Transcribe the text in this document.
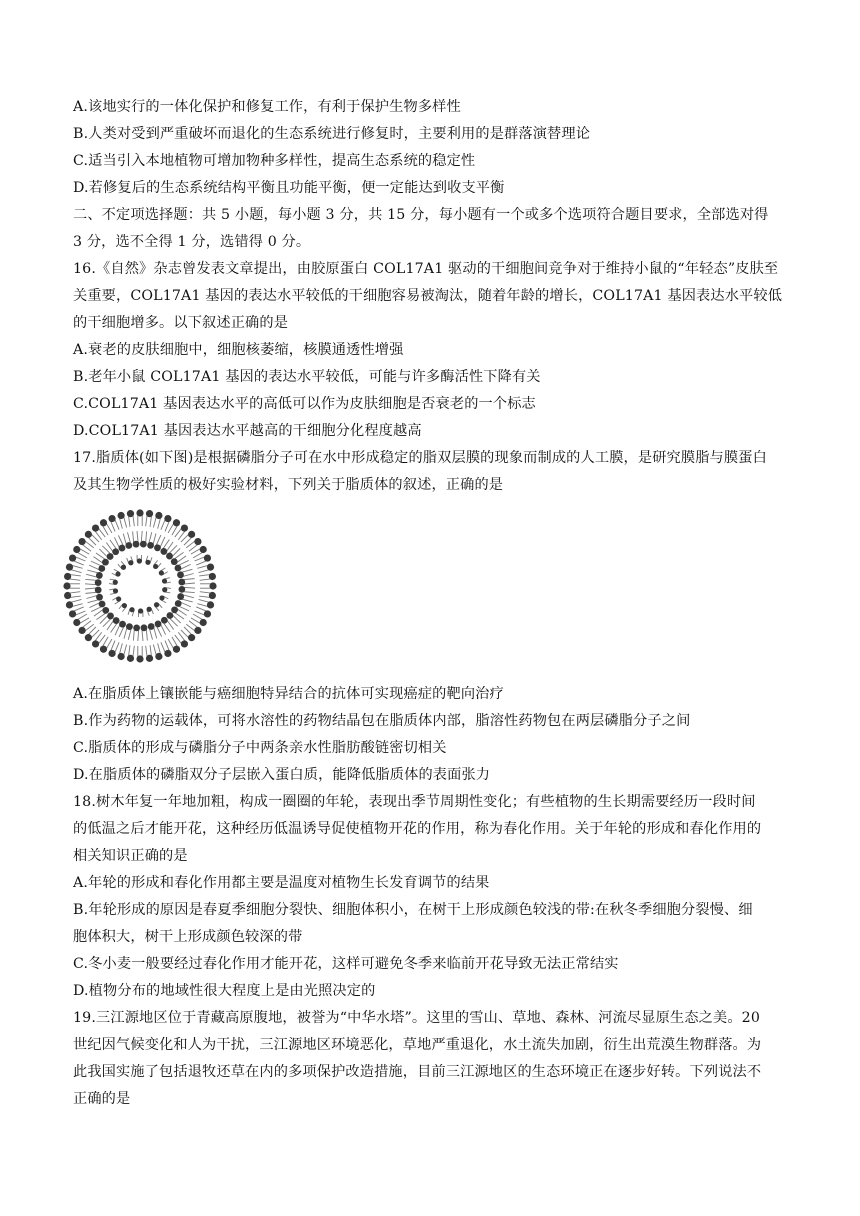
A.该地实行的一体化保护和修复工作，有利于保护生物多样性
B.人类对受到严重破坏而退化的生态系统进行修复时，主要利用的是群落演替理论
C.适当引入本地植物可增加物种多样性，提高生态系统的稳定性
D.若修复后的生态系统结构平衡且功能平衡，便一定能达到收支平衡
二、不定项选择题：共 5 小题，每小题 3 分，共 15 分，每小题有一个或多个选项符合题目要求，全部选对得
3 分，选不全得 1 分，选错得 0 分。
16.《自然》杂志曾发表文章提出，由胶原蛋白 COL17A1 驱动的干细胞间竞争对于维持小鼠的“年轻态”皮肤至
关重要，COL17A1 基因的表达水平较低的干细胞容易被淘汰，随着年龄的增长，COL17A1 基因表达水平较低
的干细胞增多。以下叙述正确的是
A.衰老的皮肤细胞中，细胞核萎缩，核膜通透性增强
B.老年小鼠 COL17A1 基因的表达水平较低，可能与许多酶活性下降有关
C.COL17A1 基因表达水平的高低可以作为皮肤细胞是否衰老的一个标志
D.COL17A1 基因表达水平越高的干细胞分化程度越高
17.脂质体(如下图)是根据磷脂分子可在水中形成稳定的脂双层膜的现象而制成的人工膜，是研究膜脂与膜蛋白
及其生物学性质的极好实验材料，下列关于脂质体的叙述，正确的是
A.在脂质体上镶嵌能与癌细胞特异结合的抗体可实现癌症的靶向治疗
B.作为药物的运载体，可将水溶性的药物结晶包在脂质体内部，脂溶性药物包在两层磷脂分子之间
C.脂质体的形成与磷脂分子中两条亲水性脂肪酸链密切相关
D.在脂质体的磷脂双分子层嵌入蛋白质，能降低脂质体的表面张力
18.树木年复一年地加粗，构成一圈圈的年轮，表现出季节周期性变化；有些植物的生长期需要经历一段时间
的低温之后才能开花，这种经历低温诱导促使植物开花的作用，称为春化作用。关于年轮的形成和春化作用的
相关知识正确的是
A.年轮的形成和春化作用都主要是温度对植物生长发育调节的结果
B.年轮形成的原因是春夏季细胞分裂快、细胞体积小，在树干上形成颜色较浅的带:在秋冬季细胞分裂慢、细
胞体积大，树干上形成颜色较深的带
C.冬小麦一般要经过春化作用才能开花，这样可避免冬季来临前开花导致无法正常结实
D.植物分布的地域性很大程度上是由光照决定的
19.三江源地区位于青藏高原腹地，被誉为“中华水塔”。这里的雪山、草地、森林、河流尽显原生态之美。20
世纪因气候变化和人为干扰，三江源地区环境恶化，草地严重退化，水土流失加剧，衍生出荒漠生物群落。为
此我国实施了包括退牧还草在内的多项保护改造措施，目前三江源地区的生态环境正在逐步好转。下列说法不
正确的是
